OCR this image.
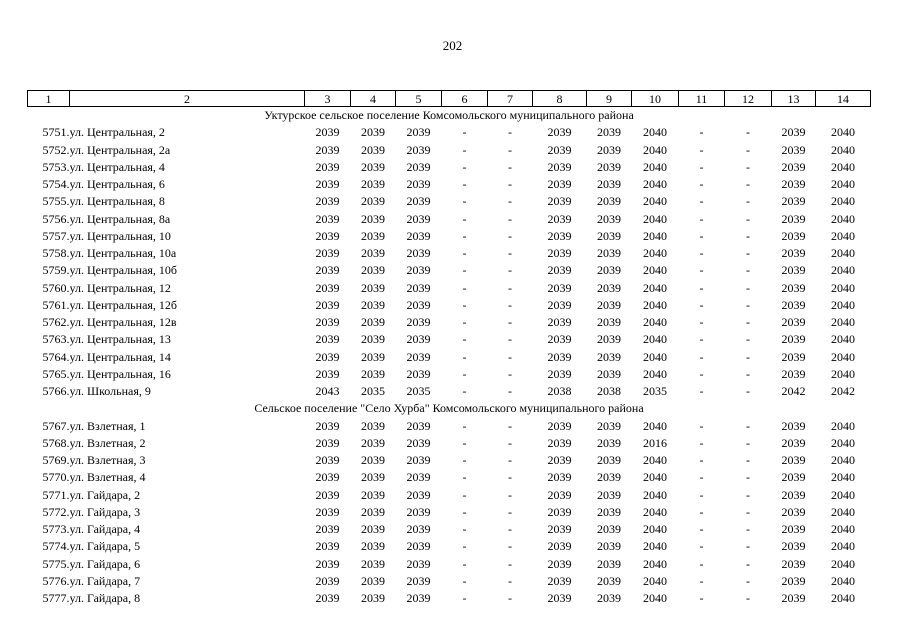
202
1	2	3	4	5	6	7	8	9	10	11	12	13	14
Уктурское сельское поселение Комсомольского муниципального района													
5751.	ул. Центральная, 2	2039	2039	2039	-	-	2039	2039	2040	-	-	2039	2040
5752.	ул. Центральная, 2а	2039	2039	2039	-	-	2039	2039	2040	-	-	2039	2040
5753.	ул. Центральная, 4	2039	2039	2039	-	-	2039	2039	2040	-	-	2039	2040
5754.	ул. Центральная, 6	2039	2039	2039	-	-	2039	2039	2040	-	-	2039	2040
5755.	ул. Центральная, 8	2039	2039	2039	-	-	2039	2039	2040	-	-	2039	2040
5756.	ул. Центральная, 8а	2039	2039	2039	-	-	2039	2039	2040	-	-	2039	2040
5757.	ул. Центральная, 10	2039	2039	2039	-	-	2039	2039	2040	-	-	2039	2040
5758.	ул. Центральная, 10а	2039	2039	2039	-	-	2039	2039	2040	-	-	2039	2040
5759.	ул. Центральная, 10б	2039	2039	2039	-	-	2039	2039	2040	-	-	2039	2040
5760.	ул. Центральная, 12	2039	2039	2039	-	-	2039	2039	2040	-	-	2039	2040
5761.	ул. Центральная, 12б	2039	2039	2039	-	-	2039	2039	2040	-	-	2039	2040
5762.	ул. Центральная, 12в	2039	2039	2039	-	-	2039	2039	2040	-	-	2039	2040
5763.	ул. Центральная, 13	2039	2039	2039	-	-	2039	2039	2040	-	-	2039	2040
5764.	ул. Центральная, 14	2039	2039	2039	-	-	2039	2039	2040	-	-	2039	2040
5765.	ул. Центральная, 16	2039	2039	2039	-	-	2039	2039	2040	-	-	2039	2040
5766.	ул. Школьная, 9	2043	2035	2035	-	-	2038	2038	2035	-	-	2042	2042
Сельское поселение "Село Хурба" Комсомольского муниципального района													
5767.	ул. Взлетная, 1	2039	2039	2039	-	-	2039	2039	2040	-	-	2039	2040
5768.	ул. Взлетная, 2	2039	2039	2039	-	-	2039	2039	2016	-	-	2039	2040
5769.	ул. Взлетная, 3	2039	2039	2039	-	-	2039	2039	2040	-	-	2039	2040
5770.	ул. Взлетная, 4	2039	2039	2039	-	-	2039	2039	2040	-	-	2039	2040
5771.	ул. Гайдара, 2	2039	2039	2039	-	-	2039	2039	2040	-	-	2039	2040
5772.	ул. Гайдара, 3	2039	2039	2039	-	-	2039	2039	2040	-	-	2039	2040
5773.	ул. Гайдара, 4	2039	2039	2039	-	-	2039	2039	2040	-	-	2039	2040
5774.	ул. Гайдара, 5	2039	2039	2039	-	-	2039	2039	2040	-	-	2039	2040
5775.	ул. Гайдара, 6	2039	2039	2039	-	-	2039	2039	2040	-	-	2039	2040
5776.	ул. Гайдара, 7	2039	2039	2039	-	-	2039	2039	2040	-	-	2039	2040
5777.	ул. Гайдара, 8	2039	2039	2039	-	-	2039	2039	2040	-	-	2039	2040
